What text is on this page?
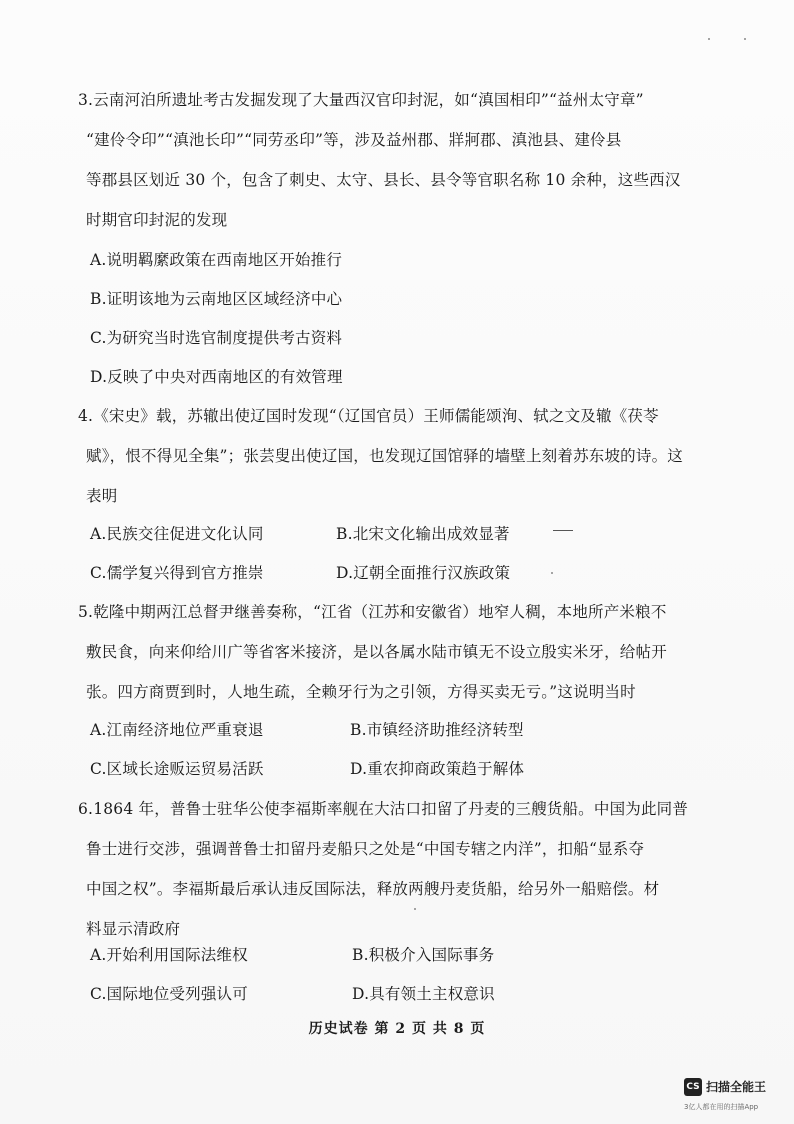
3.云南河泊所遗址考古发掘发现了大量西汉官印封泥，如“滇国相印”“益州太守章”
“建伶令印”“滇池长印”“同劳丞印”等，涉及益州郡、牂牁郡、滇池县、建伶县
等郡县区划近 30 个，包含了刺史、太守、县长、县令等官职名称 10 余种，这些西汉
时期官印封泥的发现
A.说明羁縻政策在西南地区开始推行
B.证明该地为云南地区区域经济中心
C.为研究当时选官制度提供考古资料
D.反映了中央对西南地区的有效管理
4.《宋史》载，苏辙出使辽国时发现“（辽国官员）王师儒能颂洵、轼之文及辙《茯苓
赋》，恨不得见全集”；张芸叟出使辽国，也发现辽国馆驿的墙壁上刻着苏东坡的诗。这
表明
A.民族交往促进文化认同	B.北宋文化输出成效显著
C.儒学复兴得到官方推崇	D.辽朝全面推行汉族政策
5.乾隆中期两江总督尹继善奏称，“江省（江苏和安徽省）地窄人稠，本地所产米粮不
敷民食，向来仰给川广等省客米接济，是以各属水陆市镇无不设立殷实米牙，给帖开
张。四方商贾到时，人地生疏，全赖牙行为之引领，方得买卖无亏。”这说明当时
A.江南经济地位严重衰退	B.市镇经济助推经济转型
C.区域长途贩运贸易活跃	D.重农抑商政策趋于解体
6.1864 年，普鲁士驻华公使李福斯率舰在大沽口扣留了丹麦的三艘货船。中国为此同普
鲁士进行交涉，强调普鲁士扣留丹麦船只之处是“中国专辖之内洋”，扣船“显系夺
中国之权”。李福斯最后承认违反国际法，释放两艘丹麦货船，给另外一船赔偿。材
料显示清政府
A.开始利用国际法维权	B.积极介入国际事务
C.国际地位受列强认可	D.具有领土主权意识
历史试卷 第 2 页 共 8 页
CS 扫描全能王
3亿人都在用的扫描App
